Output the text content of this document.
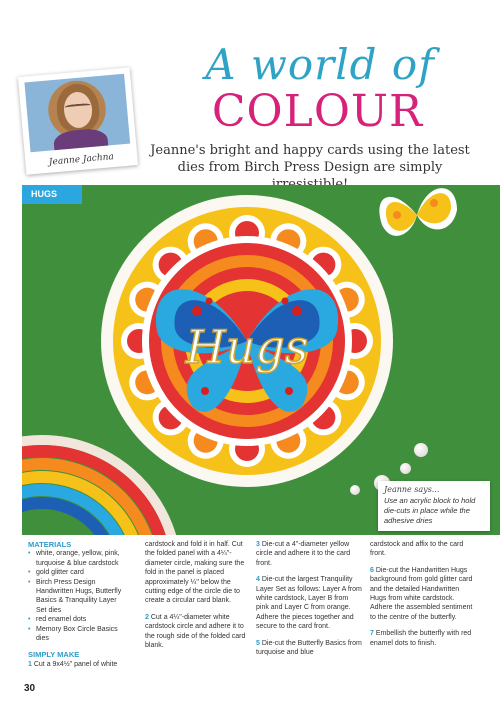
Jeanne Jachna
A world of
COLOUR
Jeanne's bright and happy cards using the latest dies from Birch Press Design are simply
HUGS
Hugs
Jeanne says...
Use an acrylic block to hold die-cuts in place while the adhesive dries
MATERIALS
• white, orange, yellow, pink, turquoise & blue cardstock
• gold glitter card
• Birch Press Design Handwritten Hugs, Butterfly Basics & Tranquility Layer Set dies
• red enamel dots
• Memory Box Circle Basics dies
SIMPLY MAKE
1 Cut a 9x4½" panel of white
cardstock and fold it in half. Cut the folded panel with a 4¼"-diameter circle, making sure the fold in the panel is placed approximately ¼" below the cutting edge of the circle die to create a circular card blank.
2 Cut a 4¼"-diameter white cardstock circle and adhere it to the rough side of the folded card blank.
3 Die-cut a 4"-diameter yellow circle and adhere it to the card front.
4 Die-cut the largest Tranquility Layer Set as follows: Layer A from white cardstock, Layer B from pink and Layer C from orange. Adhere the pieces together and secure to the card front.
5 Die-cut the Butterfly Basics from turquoise and blue
cardstock and affix to the card front.
6 Die-cut the Handwritten Hugs background from gold glitter card and the detailed Handwritten Hugs from white cardstock. Adhere the assembled sentiment to the centre of the butterfly.
7 Embellish the butterfly with red enamel dots to finish.
30
